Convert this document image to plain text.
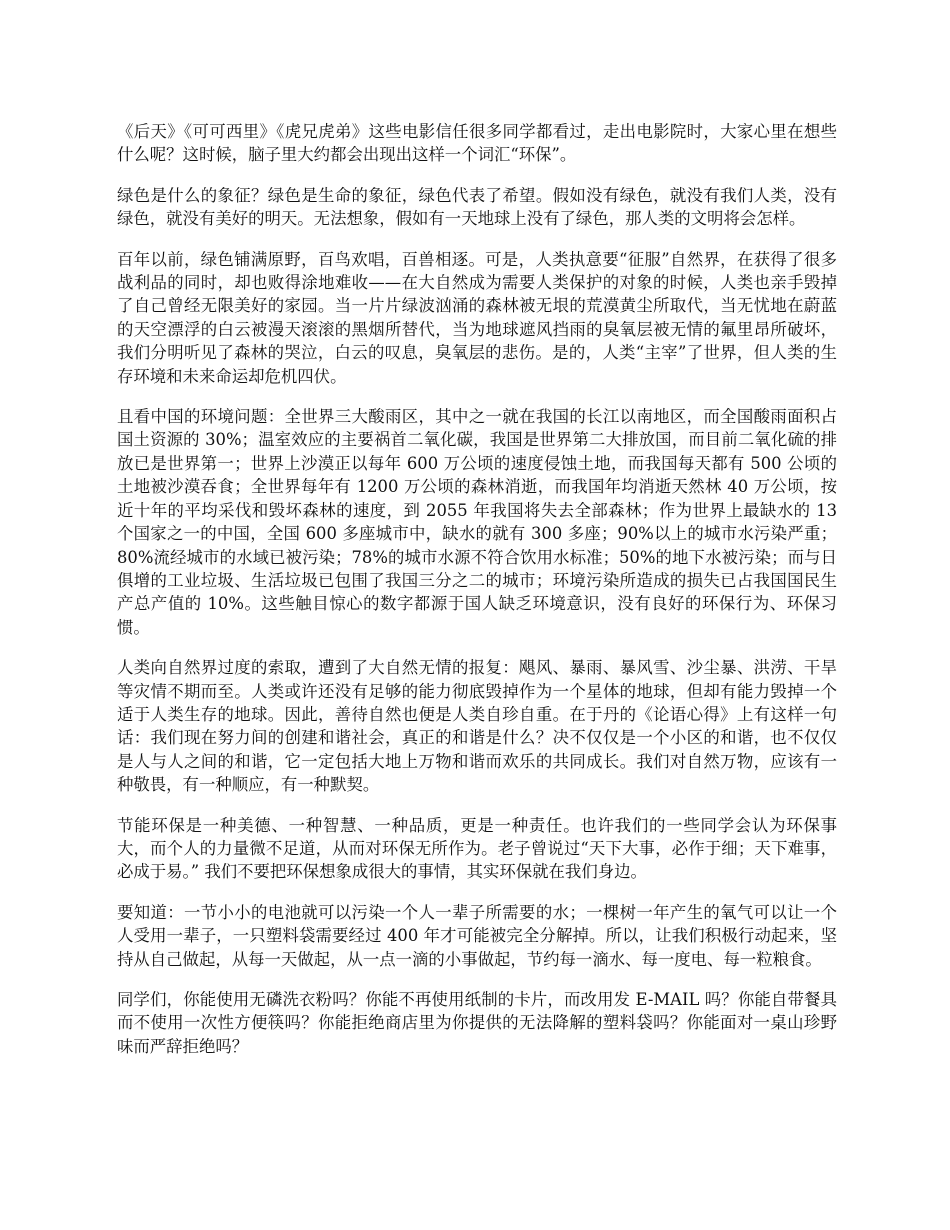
《后天》《可可西里》《虎兄虎弟》这些电影信任很多同学都看过，走出电影院时，大家心里在想些什么呢？这时候，脑子里大约都会出现出这样一个词汇“环保”。

绿色是什么的象征？绿色是生命的象征，绿色代表了希望。假如没有绿色，就没有我们人类，没有绿色，就没有美好的明天。无法想象，假如有一天地球上没有了绿色，那人类的文明将会怎样。

百年以前，绿色铺满原野，百鸟欢唱，百兽相逐。可是，人类执意要“征服”自然界，在获得了很多战利品的同时，却也败得涂地难收——在大自然成为需要人类保护的对象的时候，人类也亲手毁掉了自己曾经无限美好的家园。当一片片绿波汹涌的森林被无垠的荒漠黄尘所取代，当无忧地在蔚蓝的天空漂浮的白云被漫天滚滚的黑烟所替代，当为地球遮风挡雨的臭氧层被无情的氟里昂所破坏，我们分明听见了森林的哭泣，白云的叹息，臭氧层的悲伤。是的，人类“主宰”了世界，但人类的生存环境和未来命运却危机四伏。

且看中国的环境问题：全世界三大酸雨区，其中之一就在我国的长江以南地区，而全国酸雨面积占国土资源的 30%；温室效应的主要祸首二氧化碳，我国是世界第二大排放国，而目前二氧化硫的排放已是世界第一；世界上沙漠正以每年 600 万公顷的速度侵蚀土地，而我国每天都有 500 公顷的土地被沙漠吞食；全世界每年有 1200 万公顷的森林消逝，而我国年均消逝天然林 40 万公顷，按近十年的平均采伐和毁坏森林的速度，到 2055 年我国将失去全部森林；作为世界上最缺水的 13 个国家之一的中国，全国 600 多座城市中，缺水的就有 300 多座；90%以上的城市水污染严重；80%流经城市的水域已被污染；78%的城市水源不符合饮用水标准；50%的地下水被污染；而与日俱增的工业垃圾、生活垃圾已包围了我国三分之二的城市；环境污染所造成的损失已占我国国民生产总产值的 10%。这些触目惊心的数字都源于国人缺乏环境意识，没有良好的环保行为、环保习惯。

人类向自然界过度的索取，遭到了大自然无情的报复：飓风、暴雨、暴风雪、沙尘暴、洪涝、干旱等灾情不期而至。人类或许还没有足够的能力彻底毁掉作为一个星体的地球，但却有能力毁掉一个适于人类生存的地球。因此，善待自然也便是人类自珍自重。在于丹的《论语心得》上有这样一句话：我们现在努力间的创建和谐社会，真正的和谐是什么？决不仅仅是一个小区的和谐，也不仅仅是人与人之间的和谐，它一定包括大地上万物和谐而欢乐的共同成长。我们对自然万物，应该有一种敬畏，有一种顺应，有一种默契。

节能环保是一种美德、一种智慧、一种品质，更是一种责任。也许我们的一些同学会认为环保事大，而个人的力量微不足道，从而对环保无所作为。老子曾说过“天下大事，必作于细；天下难事，必成于易。” 我们不要把环保想象成很大的事情，其实环保就在我们身边。

要知道：一节小小的电池就可以污染一个人一辈子所需要的水；一棵树一年产生的氧气可以让一个人受用一辈子，一只塑料袋需要经过 400 年才可能被完全分解掉。所以，让我们积极行动起来，坚持从自己做起，从每一天做起，从一点一滴的小事做起，节约每一滴水、每一度电、每一粒粮食。

同学们，你能使用无磷洗衣粉吗？你能不再使用纸制的卡片，而改用发 E-MAIL 吗？你能自带餐具而不使用一次性方便筷吗？你能拒绝商店里为你提供的无法降解的塑料袋吗？你能面对一桌山珍野味而严辞拒绝吗？
